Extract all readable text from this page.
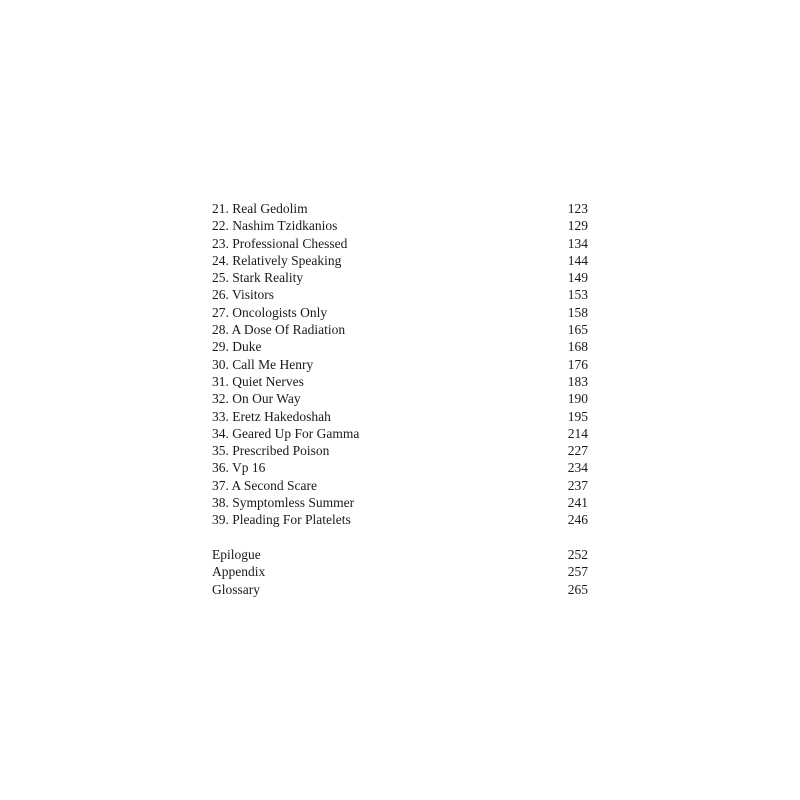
21. Real Gedolim	123
22. Nashim Tzidkanios	129
23. Professional Chessed	134
24. Relatively Speaking	144
25. Stark Reality	149
26. Visitors	153
27. Oncologists Only	158
28. A Dose Of Radiation	165
29. Duke	168
30. Call Me Henry	176
31. Quiet Nerves	183
32. On Our Way	190
33. Eretz Hakedoshah	195
34. Geared Up For Gamma	214
35. Prescribed Poison	227
36. Vp 16	234
37. A Second Scare	237
38. Symptomless Summer	241
39. Pleading For Platelets	246
Epilogue	252
Appendix	257
Glossary	265
